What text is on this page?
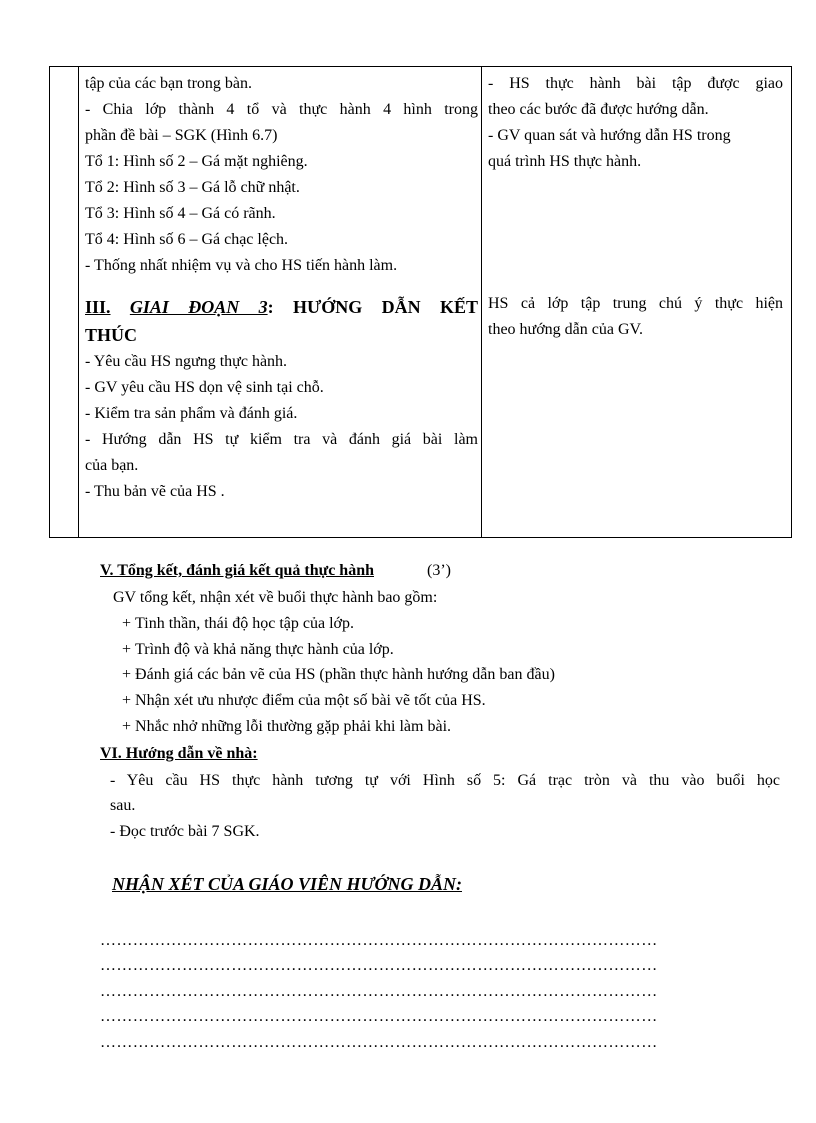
tập của các bạn trong bàn.
- Chia lớp thành 4 tổ và thực hành 4 hình trong
phần đề bài – SGK (Hình 6.7)
Tổ 1: Hình số 2 – Gá mặt nghiêng.
Tổ 2: Hình số 3 – Gá lỗ chữ nhật.
Tổ 3: Hình số 4 – Gá có rãnh.
Tổ 4: Hình số 6 – Gá chạc lệch.
- Thống nhất nhiệm vụ và cho HS tiến hành làm.
III. GIAI ĐOẠN 3: HƯỚNG DẪN KẾT
THÚC
- Yêu cầu HS ngưng thực hành.
- GV yêu cầu HS dọn vệ sinh tại chỗ.
- Kiểm tra sản phẩm và đánh giá.
- Hướng dẫn HS tự kiểm tra và đánh giá bài làm
của bạn.
- Thu bản vẽ của HS .
- HS thực hành bài tập được giao
theo các bước đã được hướng dẫn.
- GV quan sát và hướng dẫn HS trong
quá trình HS thực hành.
HS cả lớp tập trung chú ý thực hiện
theo hướng dẫn của GV.
V. Tổng kết, đánh giá kết quả thực hành	(3’)
GV tổng kết, nhận xét về buổi thực hành bao gồm:
+ Tinh thần, thái độ học tập của lớp.
+ Trình độ và khả năng thực hành của lớp.
+ Đánh giá các bản vẽ của HS (phần thực hành hướng dẫn ban đầu)
+ Nhận xét ưu nhược điểm của một số bài vẽ tốt của HS.
+ Nhắc nhở những lỗi thường gặp phải khi làm bài.
VI. Hướng dẫn về nhà:
- Yêu cầu HS thực hành tương tự với Hình số 5: Gá trạc tròn và thu vào buổi học
sau.
- Đọc trước bài 7 SGK.
NHẬN XÉT CỦA GIÁO VIÊN HƯỚNG DẪN:
…………………………………………………………………………………………
…………………………………………………………………………………………
…………………………………………………………………………………………
…………………………………………………………………………………………
…………………………………………………………………………………………
